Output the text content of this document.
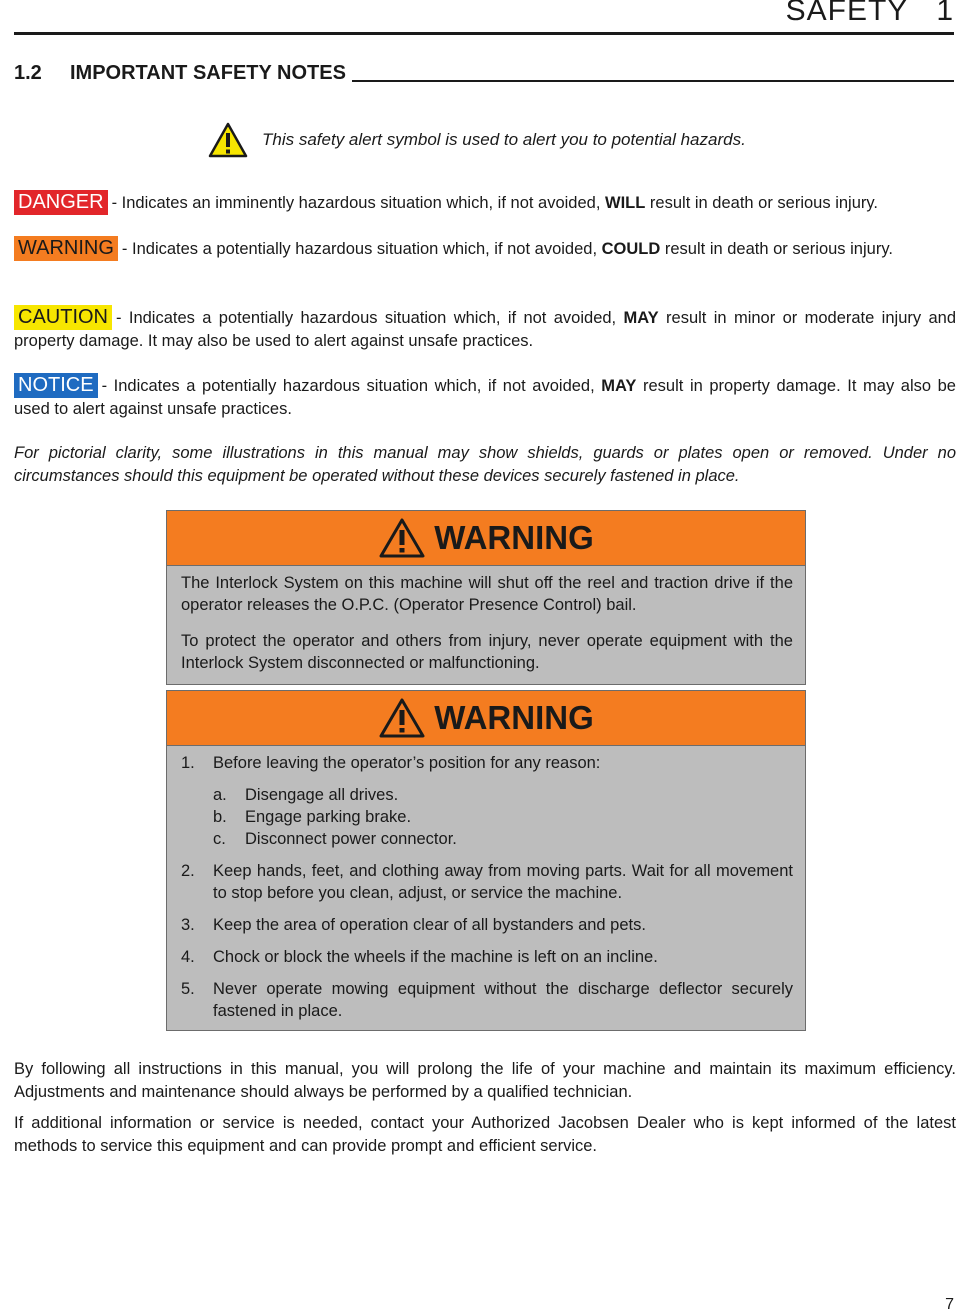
SAFETY 1
1.2	IMPORTANT SAFETY NOTES
This safety alert symbol is used to alert you to potential hazards.
DANGER - Indicates an imminently hazardous situation which, if not avoided, WILL result in death or serious injury.
WARNING - Indicates a potentially hazardous situation which, if not avoided, COULD result in death or serious injury.
CAUTION - Indicates a potentially hazardous situation which, if not avoided, MAY result in minor or moderate injury and property damage. It may also be used to alert against unsafe practices.
NOTICE - Indicates a potentially hazardous situation which, if not avoided, MAY result in property damage. It may also be used to alert against unsafe practices.
For pictorial clarity, some illustrations in this manual may show shields, guards or plates open or removed. Under no circumstances should this equipment be operated without these devices securely fastened in place.
WARNING

The Interlock System on this machine will shut off the reel and traction drive if the operator releases the O.P.C. (Operator Presence Control) bail.

To protect the operator and others from injury, never operate equipment with the Interlock System disconnected or malfunctioning.

WARNING
1.	Before leaving the operator’s position for any reason:
a.	Disengage all drives.
b.	Engage parking brake.
c.	Disconnect power connector.
2.	Keep hands, feet, and clothing away from moving parts. Wait for all movement to stop before you clean, adjust, or service the machine.
3.	Keep the area of operation clear of all bystanders and pets.
4.	Chock or block the wheels if the machine is left on an incline.
5.	Never operate mowing equipment without the discharge deflector securely fastened in place.
By following all instructions in this manual, you will prolong the life of your machine and maintain its maximum efficiency. Adjustments and maintenance should always be performed by a qualified technician.
If additional information or service is needed, contact your Authorized Jacobsen Dealer who is kept informed of the latest methods to service this equipment and can provide prompt and efficient service.
7
